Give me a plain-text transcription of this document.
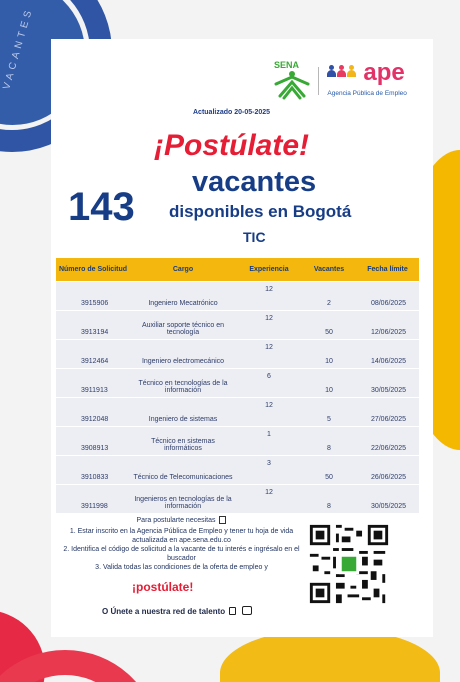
SENA	ape
Agencia Pública de Empleo
Actualizado 20-05-2025
¡Postúlate!
143
vacantes
disponibles en Bogotá
TIC
Número de Solicitud	Cargo	Experiencia	Vacantes	Fecha límite
3915906	Ingeniero Mecatrónico	12	2	08/06/2025
3913194	Auxiliar soporte técnico en tecnología	12	50	12/06/2025
3912464	Ingeniero electromecánico	12	10	14/06/2025
3911913	Técnico en tecnologías de la información	6	10	30/05/2025
3912048	Ingeniero de sistemas	12	5	27/06/2025
3908913	Técnico en sistemas informáticos	1	8	22/06/2025
3910833	Técnico de Telecomunicaciones	3	50	26/06/2025
3911998	Ingenieros en tecnologías de la información	12	8	30/05/2025
Para postularte necesitas
1. Estar inscrito en la Agencia Pública de Empleo y tener tu hoja de vida actualizada en ape.sena.edu.co
2. Identifica el código de solicitud a la vacante de tu interés e ingrésalo en el buscador
3. Valida todas las condiciones de la oferta de empleo y
¡postúlate!
O Únete a nuestra red de talento
